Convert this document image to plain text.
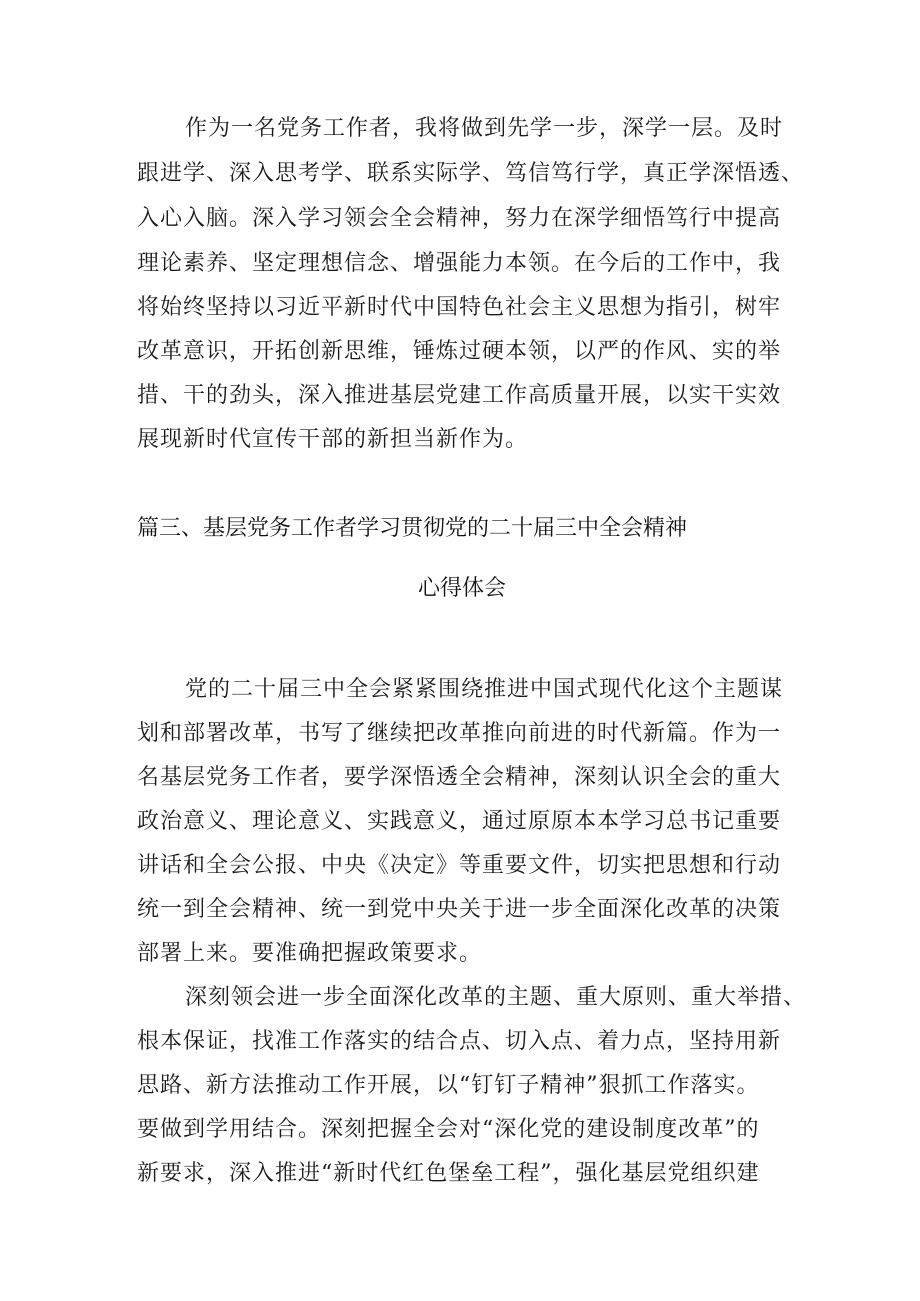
作为一名党务工作者，我将做到先学一步，深学一层。及时
跟进学、深入思考学、联系实际学、笃信笃行学，真正学深悟透、
入心入脑。深入学习领会全会精神，努力在深学细悟笃行中提高
理论素养、坚定理想信念、增强能力本领。在今后的工作中，我
将始终坚持以习近平新时代中国特色社会主义思想为指引，树牢
改革意识，开拓创新思维，锤炼过硬本领，以严的作风、实的举
措、干的劲头，深入推进基层党建工作高质量开展，以实干实效
展现新时代宣传干部的新担当新作为。
篇三、基层党务工作者学习贯彻党的二十届三中全会精神
心得体会
党的二十届三中全会紧紧围绕推进中国式现代化这个主题谋
划和部署改革，书写了继续把改革推向前进的时代新篇。作为一
名基层党务工作者，要学深悟透全会精神，深刻认识全会的重大
政治意义、理论意义、实践意义，通过原原本本学习总书记重要
讲话和全会公报、中央《决定》等重要文件，切实把思想和行动
统一到全会精神、统一到党中央关于进一步全面深化改革的决策
部署上来。要准确把握政策要求。
深刻领会进一步全面深化改革的主题、重大原则、重大举措、
根本保证，找准工作落实的结合点、切入点、着力点，坚持用新
思路、新方法推动工作开展，以“钉钉子精神”狠抓工作落实。
要做到学用结合。深刻把握全会对“深化党的建设制度改革”的
新要求，深入推进“新时代红色堡垒工程”，强化基层党组织建
